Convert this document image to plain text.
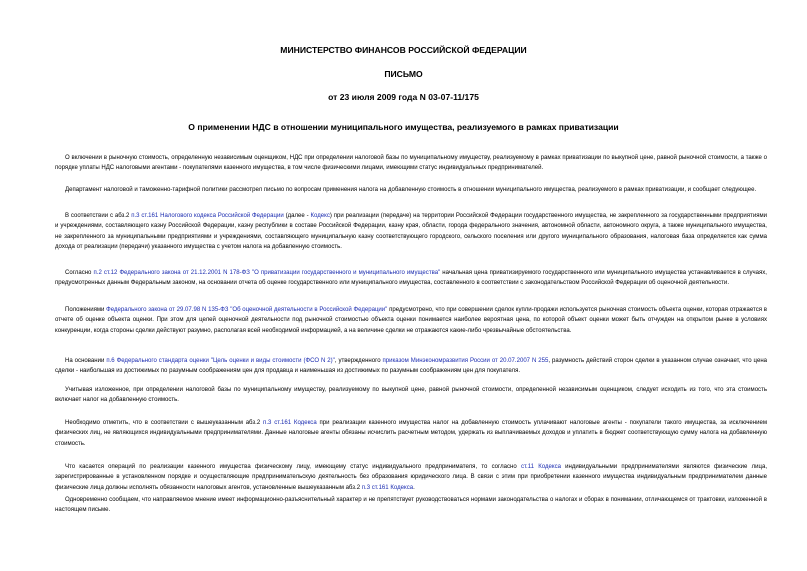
МИНИСТЕРСТВО ФИНАНСОВ РОССИЙСКОЙ ФЕДЕРАЦИИ
ПИСЬМО
от 23 июля 2009 года N 03-07-11/175
О применении НДС в отношении муниципального имущества, реализуемого в рамках приватизации
О включении в рыночную стоимость, определенную независимым оценщиком, НДС при определении налоговой базы по муниципальному имуществу, реализуемому в рамках приватизации по выкупной цене, равной рыночной стоимости, а также о порядке уплаты НДС налоговыми агентами - покупателями казенного имущества, в том числе физическими лицами, имеющими статус индивидуальных предпринимателей.
Департамент налоговой и таможенно-тарифной политики рассмотрел письмо по вопросам применения налога на добавленную стоимость в отношении муниципального имущества, реализуемого в рамках приватизации, и сообщает следующее.
В соответствии с абз.2 п.3 ст.161 Налогового кодекса Российской Федерации (далее - Кодекс) при реализации (передаче) на территории Российской Федерации государственного имущества, не закрепленного за государственными предприятиями и учреждениями, составляющего казну Российской Федерации, казну республики в составе Российской Федерации, казну края, области, города федерального значения, автономной области, автономного округа, а также муниципального имущества, не закрепленного за муниципальными предприятиями и учреждениями, составляющего муниципальную казну соответствующего городского, сельского поселения или другого муниципального образования, налоговая база определяется как сумма дохода от реализации (передачи) указанного имущества с учетом налога на добавленную стоимость.
Согласно п.2 ст.12 Федерального закона от 21.12.2001 N 178-ФЗ "О приватизации государственного и муниципального имущества" начальная цена приватизируемого государственного или муниципального имущества устанавливается в случаях, предусмотренных данным Федеральным законом, на основании отчета об оценке государственного или муниципального имущества, составленного в соответствии с законодательством Российской Федерации об оценочной деятельности.
Положениями Федерального закона от 29.07.98 N 135-ФЗ "Об оценочной деятельности в Российской Федерации" предусмотрено, что при совершении сделок купли-продажи используется рыночная стоимость объекта оценки, которая отражается в отчете об оценке объекта оценки. При этом для целей оценочной деятельности под рыночной стоимостью объекта оценки понимается наиболее вероятная цена, по которой объект оценки может быть отчужден на открытом рынке в условиях конкуренции, когда стороны сделки действуют разумно, располагая всей необходимой информацией, а на величине сделки не отражаются какие-либо чрезвычайные обстоятельства.
На основании п.6 Федерального стандарта оценки "Цель оценки и виды стоимости (ФСО N 2)", утвержденного приказом Минэкономразвития России от 20.07.2007 N 255, разумность действий сторон сделки в указанном случае означает, что цена сделки - наибольшая из достижимых по разумным соображениям цен для продавца и наименьшая из достижимых по разумным соображениям цен для покупателя.
Учитывая изложенное, при определении налоговой базы по муниципальному имуществу, реализуемому по выкупной цене, равной рыночной стоимости, определенной независимым оценщиком, следует исходить из того, что эта стоимость включает налог на добавленную стоимость.
Необходимо отметить, что в соответствии с вышеуказанным абз.2 п.3 ст.161 Кодекса при реализации казенного имущества налог на добавленную стоимость уплачивают налоговые агенты - покупатели такого имущества, за исключением физических лиц, не являющихся индивидуальными предпринимателями. Данные налоговые агенты обязаны исчислить расчетным методом, удержать из выплачиваемых доходов и уплатить в бюджет соответствующую сумму налога на добавленную стоимость.
Что касается операций по реализации казенного имущества физическому лицу, имеющему статус индивидуального предпринимателя, то согласно ст.11 Кодекса индивидуальными предпринимателями являются физические лица, зарегистрированные в установленном порядке и осуществляющие предпринимательскую деятельность без образования юридического лица. В связи с этим при приобретении казенного имущества индивидуальным предпринимателем данные физические лица должны исполнять обязанности налоговых агентов, установленные вышеуказанным абз.2 п.3 ст.161 Кодекса.
Одновременно сообщаем, что направляемое мнение имеет информационно-разъяснительный характер и не препятствует руководствоваться нормами законодательства о налогах и сборах в понимании, отличающемся от трактовки, изложенной в настоящем письме.
